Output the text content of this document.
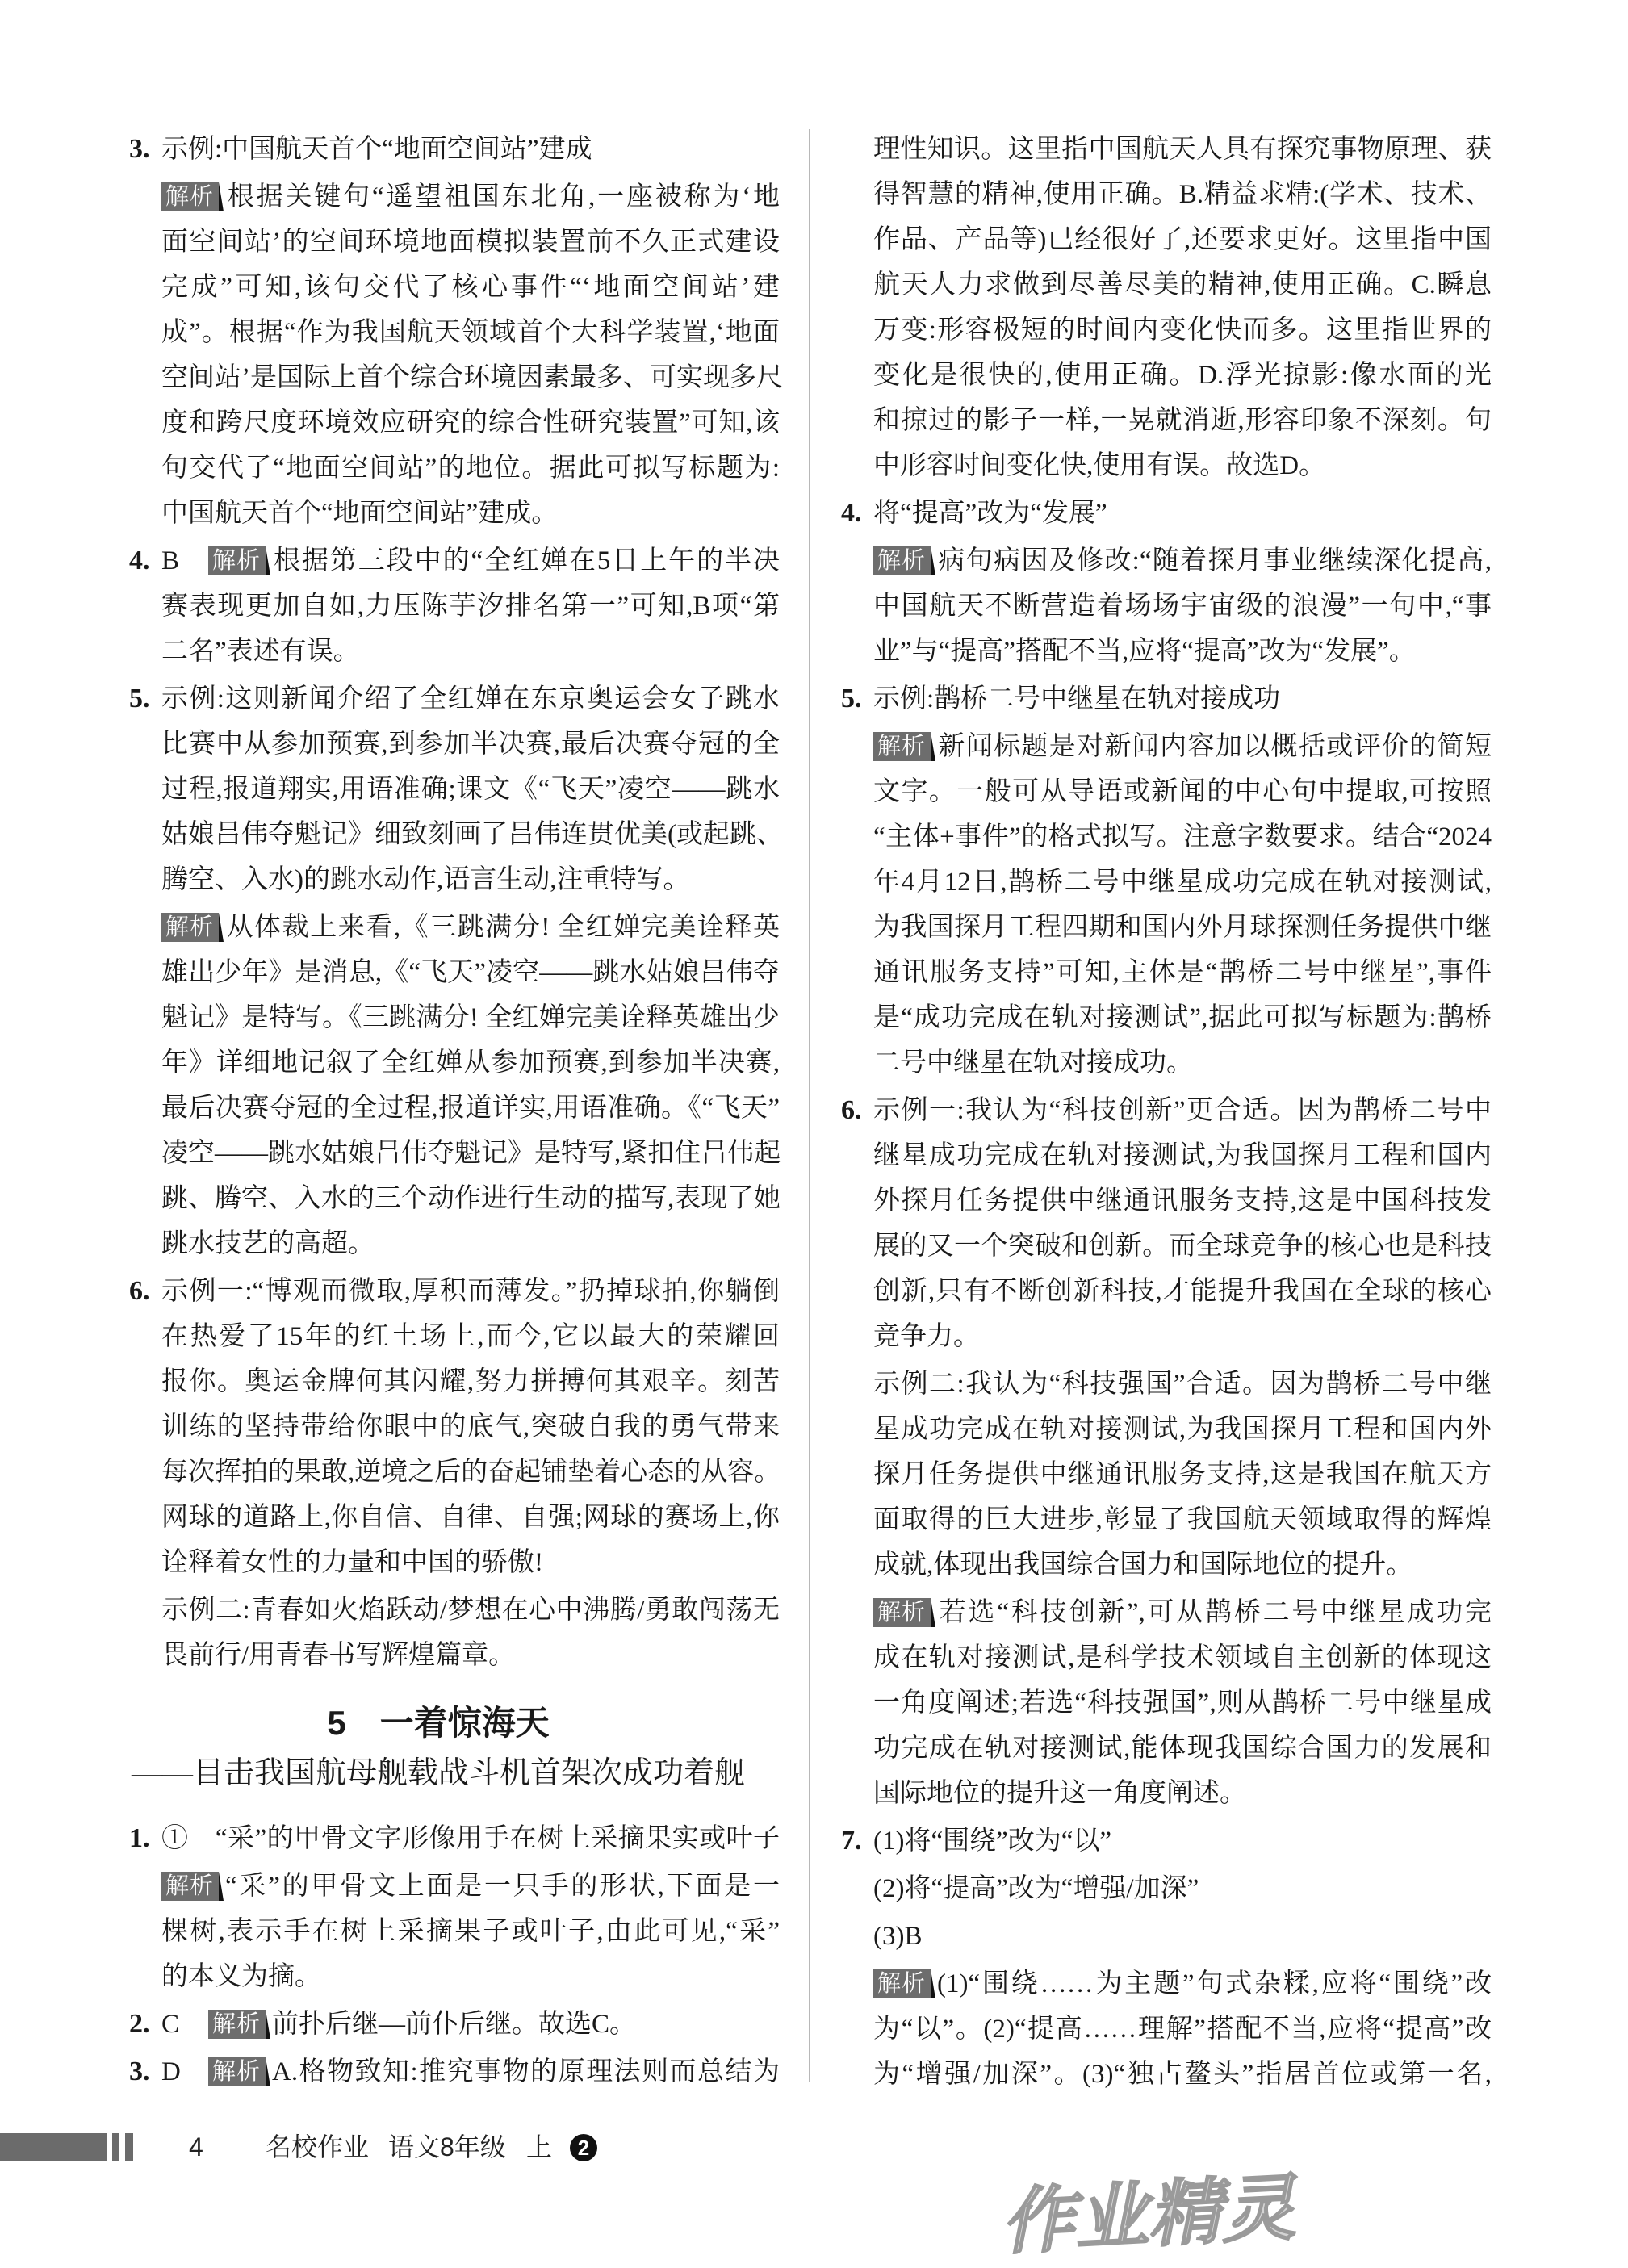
3. 示例:中国航天首个“地面空间站”建成
解析 根据关键句“遥望祖国东北角,一座被称为‘地
面空间站’的空间环境地面模拟装置前不久正式建设
完成”可知,该句交代了核心事件“‘地面空间站’建
成”。根据“作为我国航天领域首个大科学装置,‘地面
空间站’是国际上首个综合环境因素最多、可实现多尺
度和跨尺度环境效应研究的综合性研究装置”可知,该
句交代了“地面空间站”的地位。据此可拟写标题为:
中国航天首个“地面空间站”建成。
4. B 解析 根据第三段中的“全红婵在5日上午的半决
赛表现更加自如,力压陈芋汐排名第一”可知,B项“第
二名”表述有误。
5. 示例:这则新闻介绍了全红婵在东京奥运会女子跳水
比赛中从参加预赛,到参加半决赛,最后决赛夺冠的全
过程,报道翔实,用语准确;课文《“飞天”凌空——跳水
姑娘吕伟夺魁记》细致刻画了吕伟连贯优美(或起跳、
腾空、入水)的跳水动作,语言生动,注重特写。
解析 从体裁上来看,《三跳满分! 全红婵完美诠释英
雄出少年》是消息,《“飞天”凌空——跳水姑娘吕伟夺
魁记》是特写。《三跳满分! 全红婵完美诠释英雄出少
年》详细地记叙了全红婵从参加预赛,到参加半决赛,
最后决赛夺冠的全过程,报道详实,用语准确。《“飞天”
凌空——跳水姑娘吕伟夺魁记》是特写,紧扣住吕伟起
跳、腾空、入水的三个动作进行生动的描写,表现了她
跳水技艺的高超。
6. 示例一:“博观而微取,厚积而薄发。”扔掉球拍,你躺倒
在热爱了15年的红土场上,而今,它以最大的荣耀回
报你。奥运金牌何其闪耀,努力拼搏何其艰辛。刻苦
训练的坚持带给你眼中的底气,突破自我的勇气带来
每次挥拍的果敢,逆境之后的奋起铺垫着心态的从容。
网球的道路上,你自信、自律、自强;网球的赛场上,你
诠释着女性的力量和中国的骄傲!
示例二:青春如火焰跃动/梦想在心中沸腾/勇敢闯荡无
畏前行/用青春书写辉煌篇章。
5　一着惊海天
——目击我国航母舰载战斗机首架次成功着舰
1. ①　“采”的甲骨文字形像用手在树上采摘果实或叶子
解析 “采”的甲骨文上面是一只手的形状,下面是一
棵树,表示手在树上采摘果子或叶子,由此可见,“采”
的本义为摘。
2. C 解析 前扑后继—前仆后继。故选C。
3. D 解析 A.格物致知:推究事物的原理法则而总结为
理性知识。这里指中国航天人具有探究事物原理、获
得智慧的精神,使用正确。B.精益求精:(学术、技术、
作品、产品等)已经很好了,还要求更好。这里指中国
航天人力求做到尽善尽美的精神,使用正确。C.瞬息
万变:形容极短的时间内变化快而多。这里指世界的
变化是很快的,使用正确。D.浮光掠影:像水面的光
和掠过的影子一样,一晃就消逝,形容印象不深刻。句
中形容时间变化快,使用有误。故选D。
4. 将“提高”改为“发展”
解析 病句病因及修改:“随着探月事业继续深化提高,
中国航天不断营造着场场宇宙级的浪漫”一句中,“事
业”与“提高”搭配不当,应将“提高”改为“发展”。
5. 示例:鹊桥二号中继星在轨对接成功
解析 新闻标题是对新闻内容加以概括或评价的简短
文字。一般可从导语或新闻的中心句中提取,可按照
“主体+事件”的格式拟写。注意字数要求。结合“2024
年4月12日,鹊桥二号中继星成功完成在轨对接测试,
为我国探月工程四期和国内外月球探测任务提供中继
通讯服务支持”可知,主体是“鹊桥二号中继星”,事件
是“成功完成在轨对接测试”,据此可拟写标题为:鹊桥
二号中继星在轨对接成功。
6. 示例一:我认为“科技创新”更合适。因为鹊桥二号中
继星成功完成在轨对接测试,为我国探月工程和国内
外探月任务提供中继通讯服务支持,这是中国科技发
展的又一个突破和创新。而全球竞争的核心也是科技
创新,只有不断创新科技,才能提升我国在全球的核心
竞争力。
示例二:我认为“科技强国”合适。因为鹊桥二号中继
星成功完成在轨对接测试,为我国探月工程和国内外
探月任务提供中继通讯服务支持,这是我国在航天方
面取得的巨大进步,彰显了我国航天领域取得的辉煌
成就,体现出我国综合国力和国际地位的提升。
解析 若选“科技创新”,可从鹊桥二号中继星成功完
成在轨对接测试,是科学技术领域自主创新的体现这
一角度阐述;若选“科技强国”,则从鹊桥二号中继星成
功完成在轨对接测试,能体现我国综合国力的发展和
国际地位的提升这一角度阐述。
7. (1)将“围绕”改为“以”
(2)将“提高”改为“增强/加深”
(3)B
解析 (1)“围绕……为主题”句式杂糅,应将“围绕”改
为“以”。(2)“提高……理解”搭配不当,应将“提高”改
为“增强/加深”。(3)“独占鳌头”指居首位或第一名,
作业精灵
4 名校作业 语文8年级 上	2
